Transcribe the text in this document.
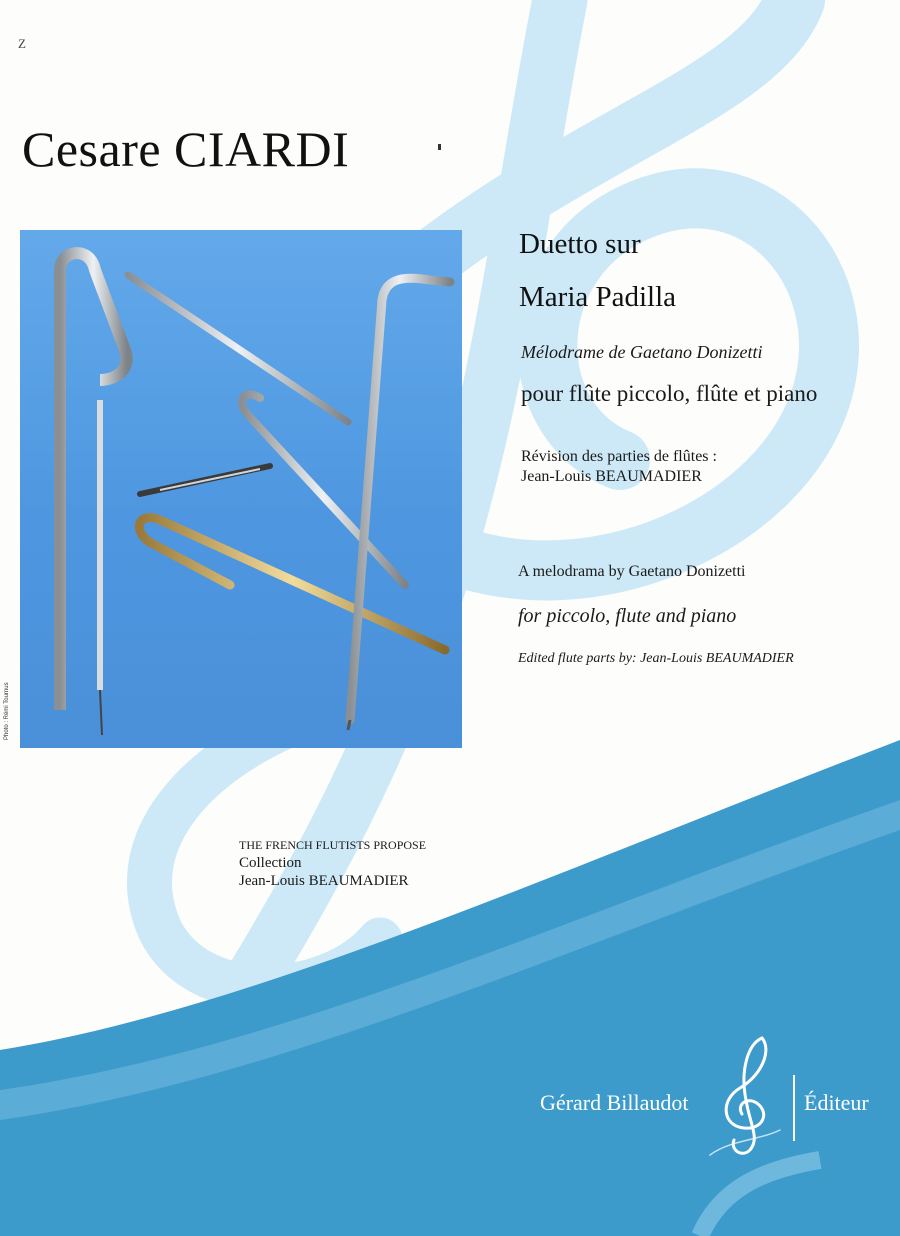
Z
Cesare CIARDI
Photo : Rémi Tournus
Duetto sur
Maria Padilla
Mélodrame de Gaetano Donizetti
pour flûte piccolo, flûte et piano
Révision des parties de flûtes :
Jean-Louis BEAUMADIER
A melodrama by Gaetano Donizetti
for piccolo, flute and piano
Edited flute parts by: Jean-Louis BEAUMADIER
THE FRENCH FLUTISTS PROPOSE
Collection
Jean-Louis BEAUMADIER
Gérard Billaudot	Éditeur
